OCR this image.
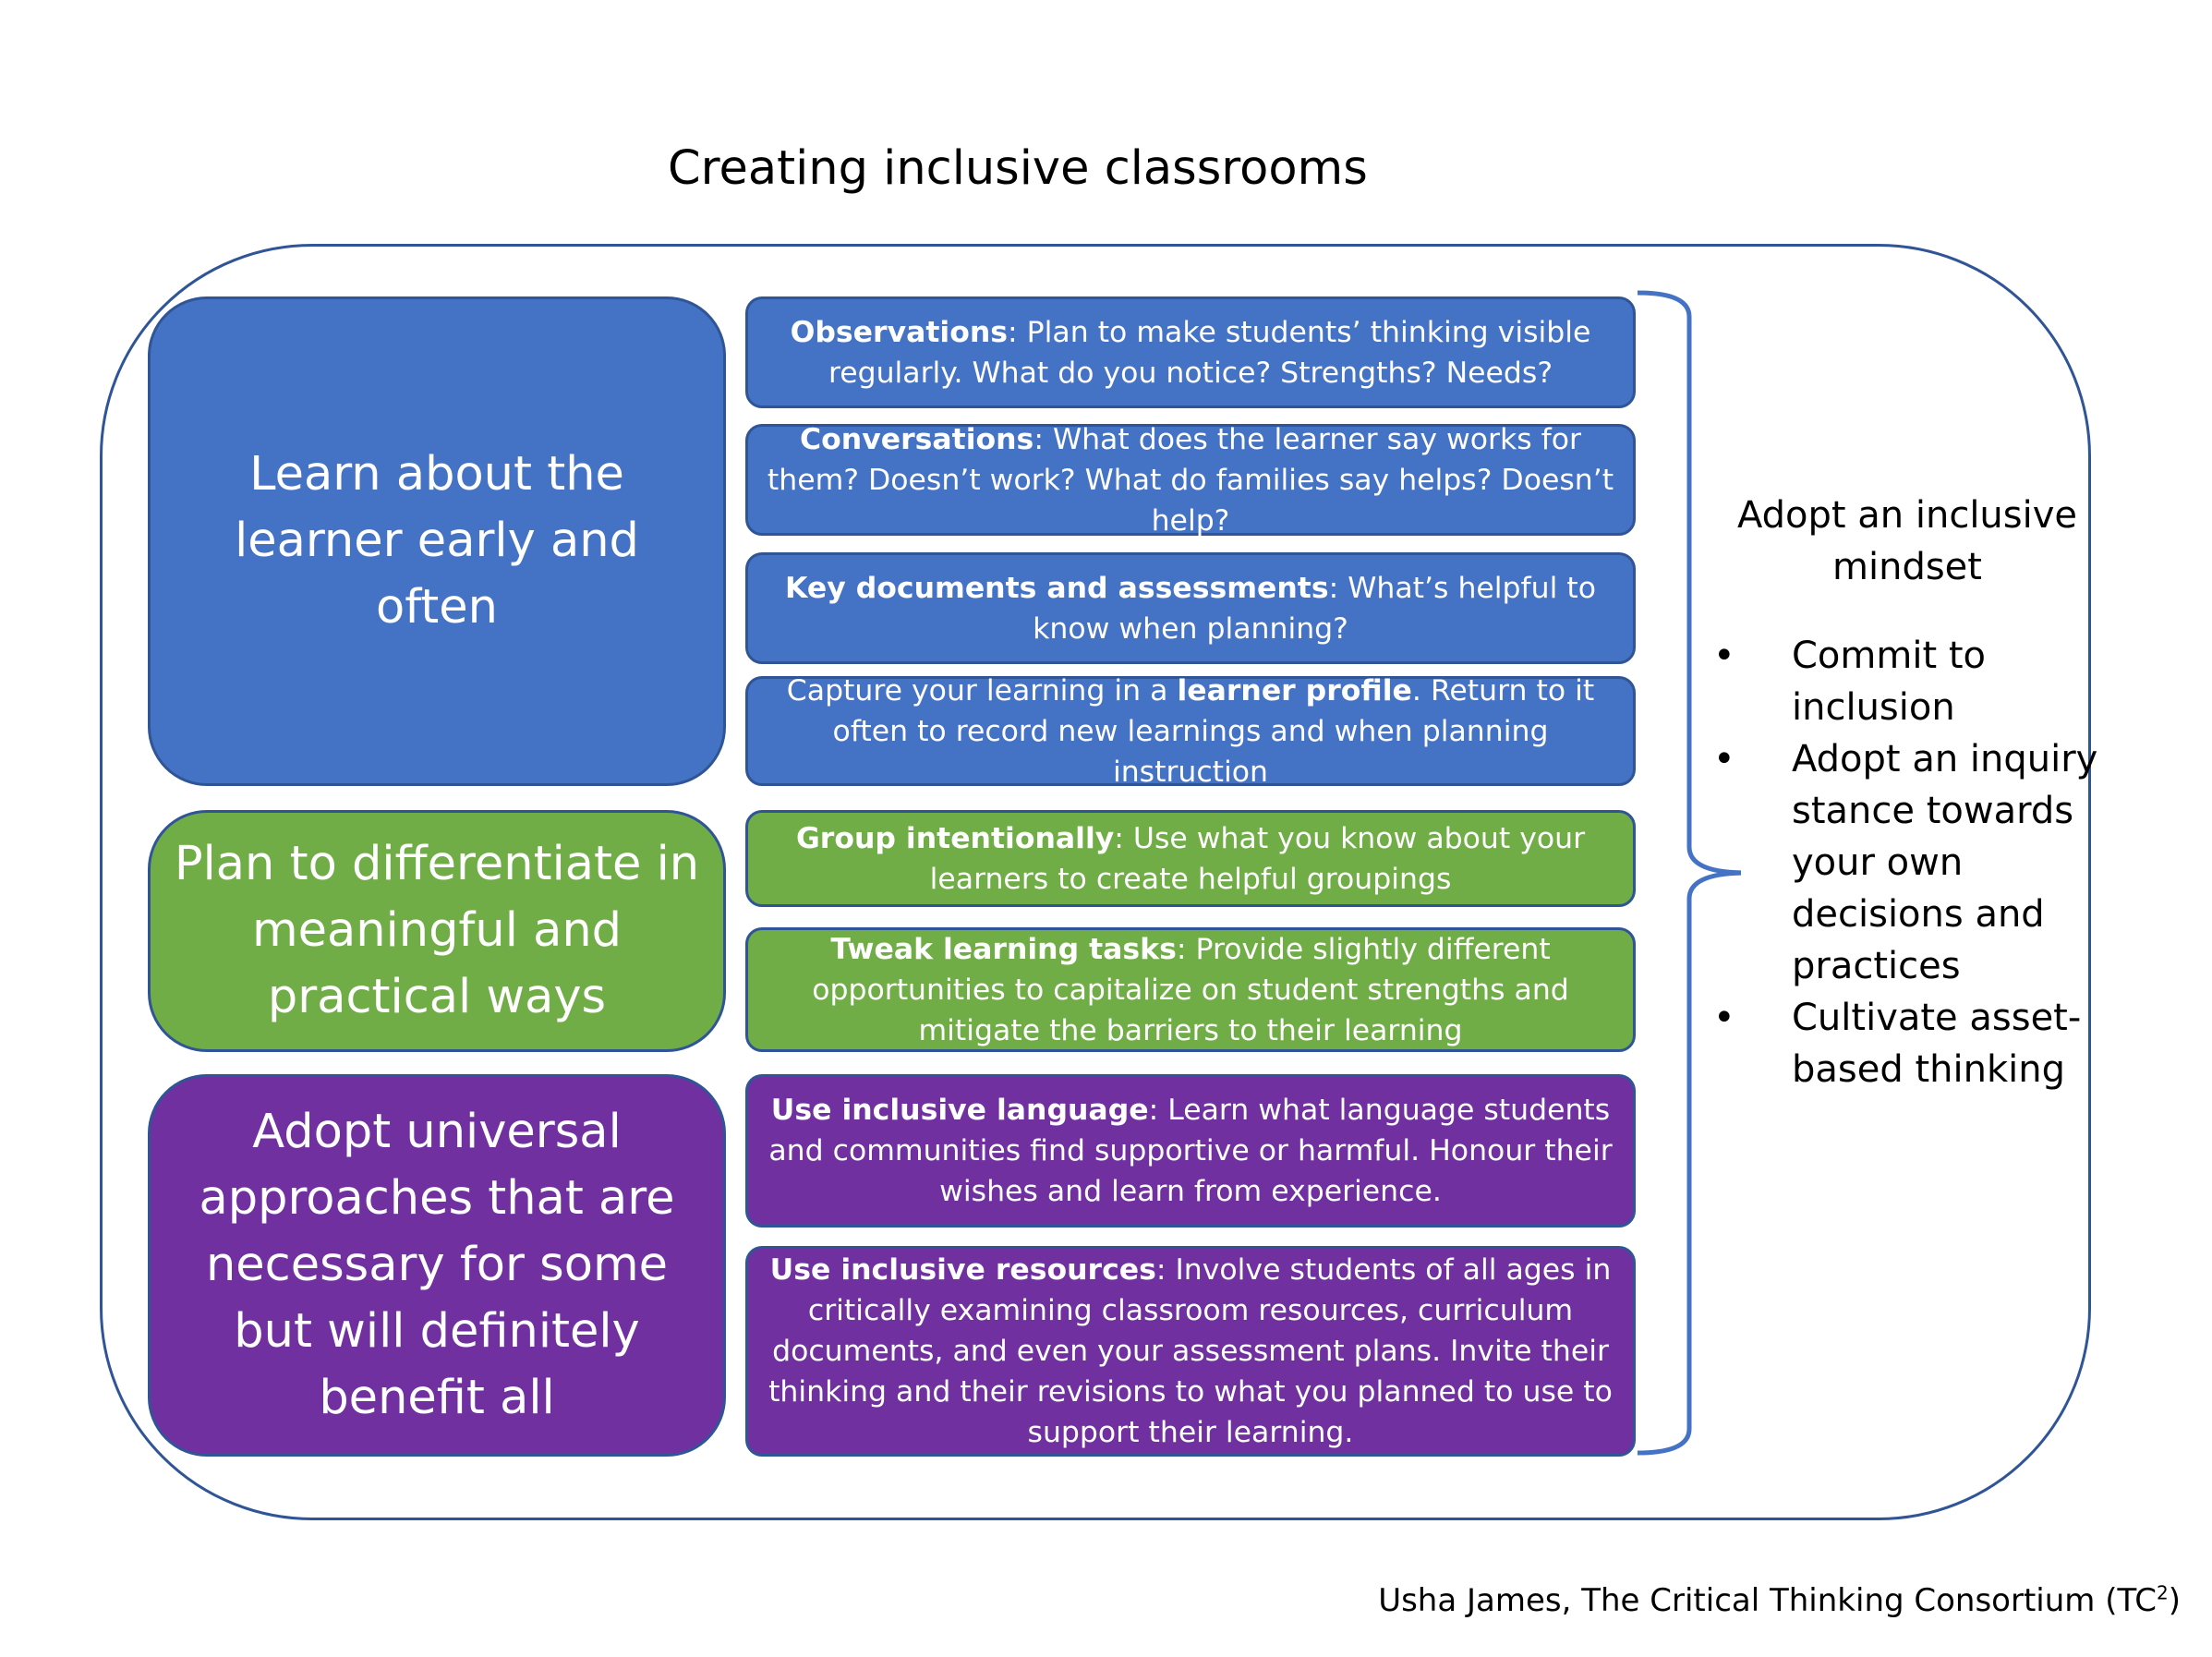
Creating inclusive classrooms
Learn about the learner early and often
Plan to differentiate in meaningful and practical ways
Adopt universal approaches that are necessary for some but will definitely benefit all
Observations: Plan to make students’ thinking visible regularly. What do you notice? Strengths? Needs?
Conversations: What does the learner say works for them? Doesn’t work? What do families say helps? Doesn’t help?
Key documents and assessments: What’s helpful to know when planning?
Capture your learning in a learner profile. Return to it often to record new learnings and when planning instruction
Group intentionally: Use what you know about your learners to create helpful groupings
Tweak learning tasks: Provide slightly different opportunities to capitalize on student strengths and mitigate the barriers to their learning
Use inclusive language: Learn what language students and communities find supportive or harmful. Honour their wishes and learn from experience.
Use inclusive resources: Involve students of all ages in critically examining classroom resources, curriculum documents, and even your assessment plans. Invite their thinking and their revisions to what you planned to use to support their learning.
Adopt an inclusive mindset
• Commit to inclusion
• Adopt an inquiry stance towards your own decisions and practices
• Cultivate asset-based thinking
Usha James, The Critical Thinking Consortium $(TC^2)$
